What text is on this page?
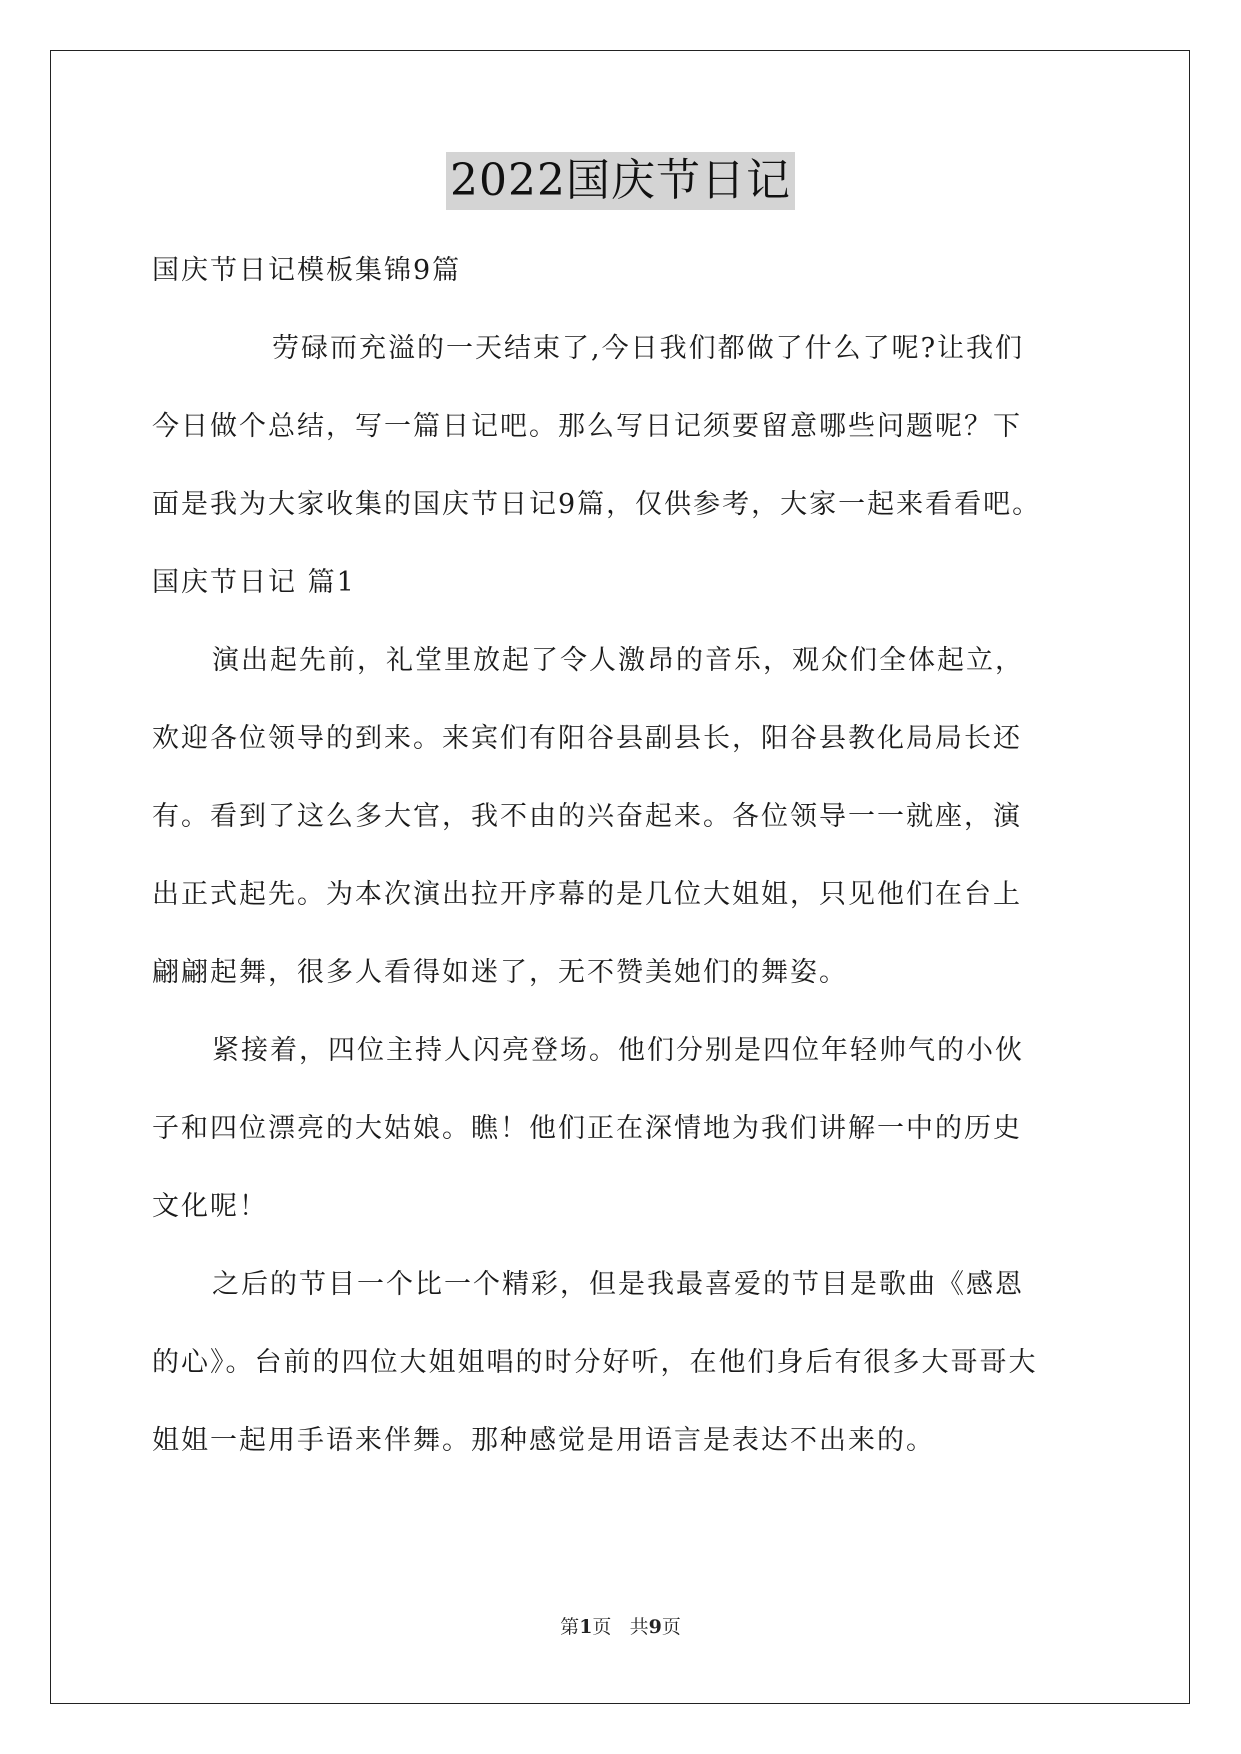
2022国庆节日记
国庆节日记模板集锦9篇
劳碌而充溢的一天结束了,今日我们都做了什么了呢?让我们
今日做个总结，写一篇日记吧。那么写日记须要留意哪些问题呢？下
面是我为大家收集的国庆节日记9篇，仅供参考，大家一起来看看吧。
国庆节日记 篇1
演出起先前，礼堂里放起了令人激昂的音乐，观众们全体起立，
欢迎各位领导的到来。来宾们有阳谷县副县长，阳谷县教化局局长还
有。看到了这么多大官，我不由的兴奋起来。各位领导一一就座，演
出正式起先。为本次演出拉开序幕的是几位大姐姐，只见他们在台上
翩翩起舞，很多人看得如迷了，无不赞美她们的舞姿。
紧接着，四位主持人闪亮登场。他们分别是四位年轻帅气的小伙
子和四位漂亮的大姑娘。瞧！他们正在深情地为我们讲解一中的历史
文化呢！
之后的节目一个比一个精彩，但是我最喜爱的节目是歌曲《感恩
的心》。台前的四位大姐姐唱的时分好听，在他们身后有很多大哥哥大
姐姐一起用手语来伴舞。那种感觉是用语言是表达不出来的。
第1页 共9页
